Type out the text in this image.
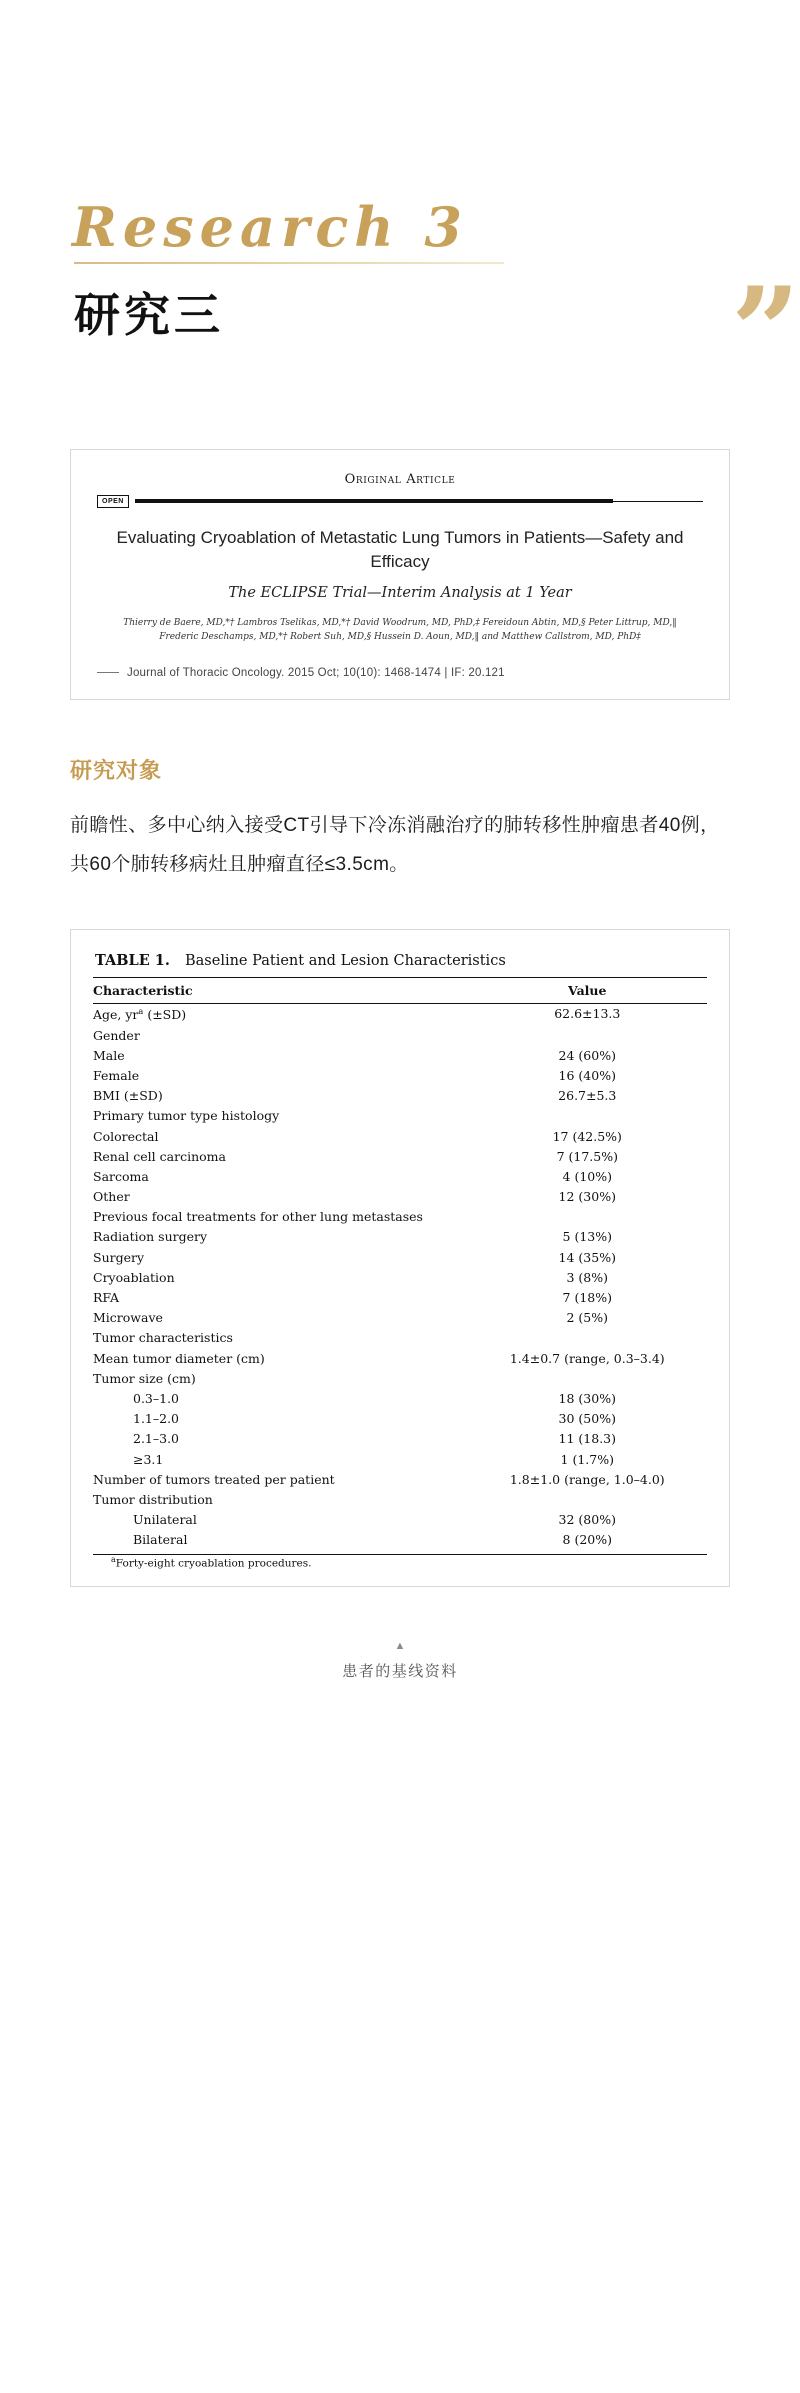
Research 3
研究三	”
Original Article
OPEN
Evaluating Cryoablation of Metastatic Lung Tumors in Patients—Safety and Efficacy
The ECLIPSE Trial—Interim Analysis at 1 Year
Thierry de Baere, MD,*† Lambros Tselikas, MD,*† David Woodrum, MD, PhD,‡ Fereidoun Abtin, MD,§ Peter Littrup, MD,‖ Frederic Deschamps, MD,*† Robert Suh, MD,§ Hussein D. Aoun, MD,‖ and Matthew Callstrom, MD, PhD‡
Journal of Thoracic Oncology. 2015 Oct; 10(10): 1468-1474 | IF: 20.121
研究对象
前瞻性、多中心纳入接受CT引导下冷冻消融治疗的肺转移性肿瘤患者40例，共60个肺转移病灶且肿瘤直径≤3.5cm。
TABLE 1. Baseline Patient and Lesion Characteristics
Characteristic	Value
Age, $yr^a$ (±SD)	62.6±13.3
Gender	
Male	24 (60%)
Female	16 (40%)
BMI (±SD)	26.7±5.3
Primary tumor type histology	
Colorectal	17 (42.5%)
Renal cell carcinoma	7 (17.5%)
Sarcoma	4 (10%)
Other	12 (30%)
Previous focal treatments for other lung metastases	
Radiation surgery	5 (13%)
Surgery	14 (35%)
Cryoablation	3 (8%)
RFA	7 (18%)
Microwave	2 (5%)
Tumor characteristics	
Mean tumor diameter (cm)	1.4±0.7 (range, 0.3–3.4)
Tumor size (cm)	
0.3–1.0	18 (30%)
1.1–2.0	30 (50%)
2.1–3.0	11 (18.3)
≥3.1	1 (1.7%)
Number of tumors treated per patient	1.8±1.0 (range, 1.0–4.0)
Tumor distribution	
Unilateral	32 (80%)
Bilateral	8 (20%)
$^a$Forty-eight cryoablation procedures.
▲
患者的基线资料
